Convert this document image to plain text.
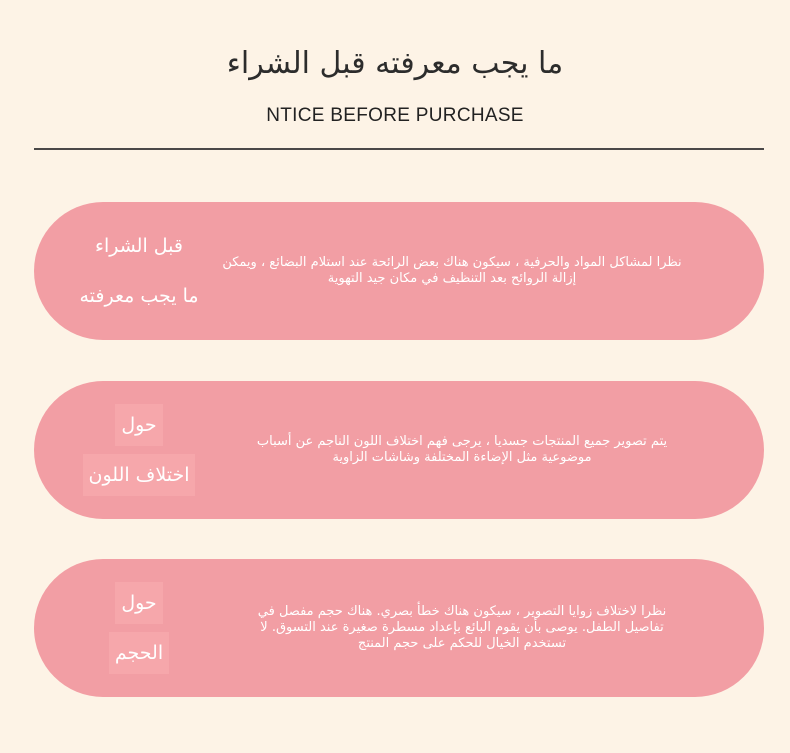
ما يجب معرفته قبل الشراء
NTICE BEFORE PURCHASE
قبل الشراء
ما يجب معرفته
نظرا لمشاكل المواد والحرفية ، سيكون هناك بعض الرائحة عند استلام البضائع ، ويمكن إزالة الروائح بعد التنظيف في مكان جيد التهوية
حول
اختلاف اللون
يتم تصوير جميع المنتجات جسديا ، يرجى فهم اختلاف اللون الناجم عن أسباب موضوعية مثل الإضاءة المختلفة وشاشات الزاوية
حول
الحجم
نظرا لاختلاف زوايا التصوير ، سيكون هناك خطأ بصري. هناك حجم مفصل في تفاصيل الطفل. يوصى بأن يقوم البائع بإعداد مسطرة صغيرة عند التسوق. لا تستخدم الخيال للحكم على حجم المنتج
